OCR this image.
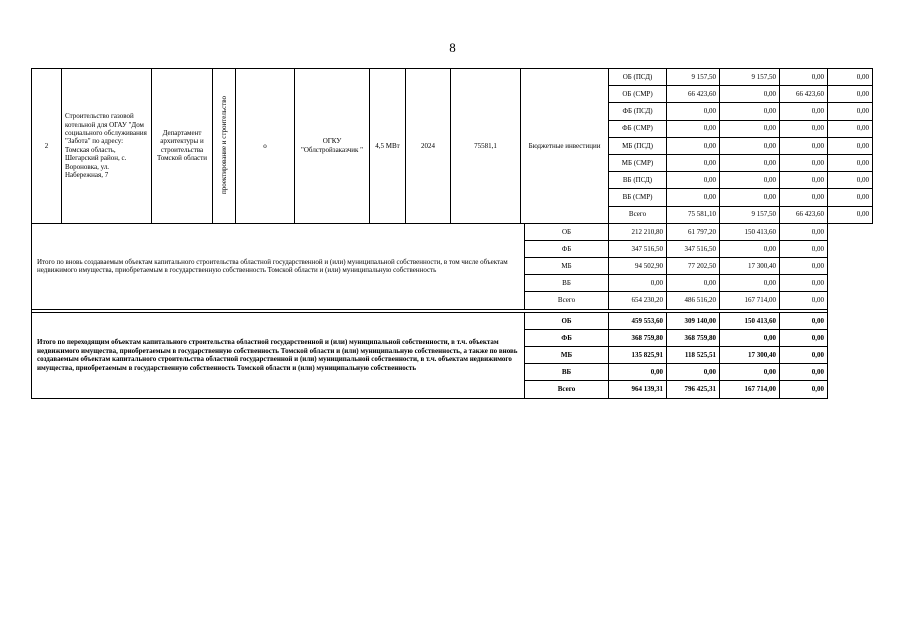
8
2	Строительство газовой котельной для ОГАУ "Дом социального обслуживания "Забота" по адресу: Томская область, Шегарский район, с. Вороновка, ул. Набережная, 7	Департамент архитектуры и строительства Томской области	проектирование и строительство	о	ОГКУ "Облстройзаказчик "	4,5 МВт	2024	75581,1	Бюджетные инвестиции		ОБ (ПСД)	9 157,50	9 157,50	0,00	0,00
											ОБ (СМР)	66 423,60	0,00	66 423,60	0,00
											ФБ (ПСД)	0,00	0,00	0,00	0,00
											ФБ (СМР)	0,00	0,00	0,00	0,00
											МБ (ПСД)	0,00	0,00	0,00	0,00
											МБ (СМР)	0,00	0,00	0,00	0,00
											ВБ (ПСД)	0,00	0,00	0,00	0,00
											ВБ (СМР)	0,00	0,00	0,00	0,00
											Всего	75 581,10	9 157,50	66 423,60	0,00
Итого по вновь создаваемым объектам капитального строительства областной государственной и (или) муниципальной собственности, в том числе объектам недвижимого имущества, приобретаемым в государственную собственность Томской области и (или) муниципальную собственность										ОБ	212 210,80	61 797,20	150 413,60	0,00	
										ФБ	347 516,50	347 516,50	0,00	0,00	
										МБ	94 502,90	77 202,50	17 300,40	0,00	
										ВБ	0,00	0,00	0,00	0,00	
										Всего	654 230,20	486 516,20	167 714,00	0,00	

Итого по переходящим объектам капитального строительства областной государственной и (или) муниципальной собственности, в т.ч. объектам недвижимого имущества, приобретаемым в государственную собственность Томской области и (или) муниципальную собственность, а также по вновь создаваемым объектам капитального строительства областной государственной и (или) муниципальной собственности, в т.ч. объектам недвижимого имущества, приобретаемым в государственную собственность Томской области и (или) муниципальную собственность										ОБ	459 553,60	309 140,00	150 413,60	0,00	
										ФБ	368 759,80	368 759,80	0,00	0,00	
										МБ	135 825,91	118 525,51	17 300,40	0,00	
										ВБ	0,00	0,00	0,00	0,00	
										Всего	964 139,31	796 425,31	167 714,00	0,00	
